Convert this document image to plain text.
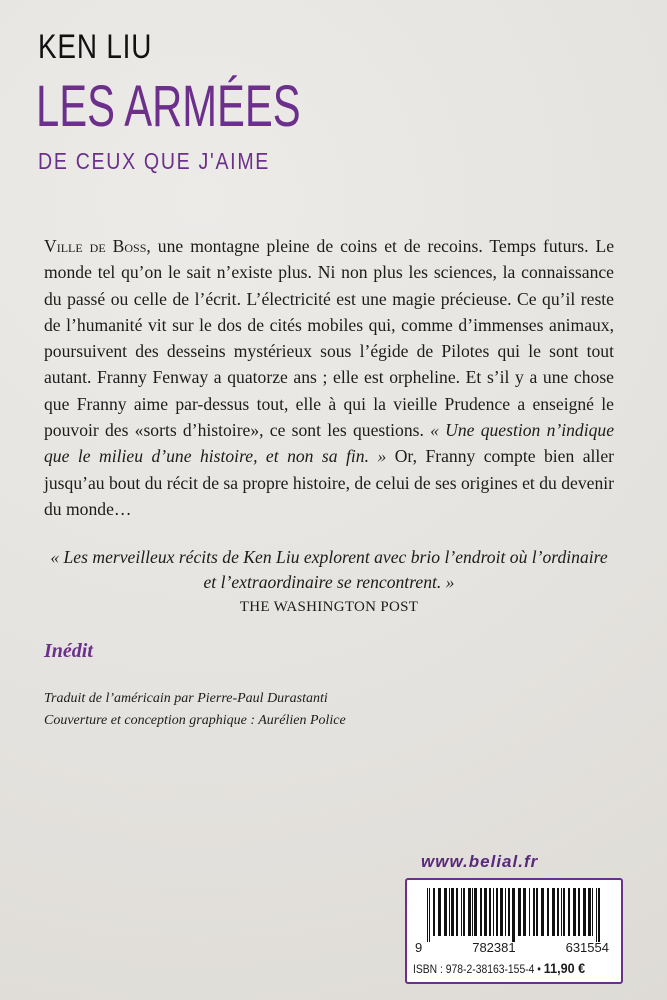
KEN LIU
LES ARMÉES
DE CEUX QUE J'AIME

Ville de Boss, une montagne pleine de coins et de recoins. Temps futurs. Le monde tel qu’on le sait n’existe plus. Ni non plus les sciences, la connaissance du passé ou celle de l’écrit. L’électricité est une magie précieuse. Ce qu’il reste de l’humanité vit sur le dos de cités mobiles qui, comme d’immenses animaux, poursuivent des desseins mystérieux sous l’égide de Pilotes qui le sont tout autant. Franny Fenway a quatorze ans ; elle est orpheline. Et s’il y a une chose que Franny aime par-dessus tout, elle à qui la vieille Prudence a enseigné le pouvoir des «sorts d’histoire», ce sont les questions. « Une question n’indique que le milieu d’une histoire, et non sa fin. » Or, Franny compte bien aller jusqu’au bout du récit de sa propre histoire, de celui de ses origines et du devenir du monde…

« Les merveilleux récits de Ken Liu explorent avec brio l’endroit où l’ordinaire et l’extraordinaire se rencontrent. »
THE WASHINGTON POST
Inédit
Traduit de l’américain par Pierre-Paul Durastanti
Couverture et conception graphique : Aurélien Police
www.belial.fr
9	782381	631554
ISBN : 978-2-38163-155-4 • 11,90 €
